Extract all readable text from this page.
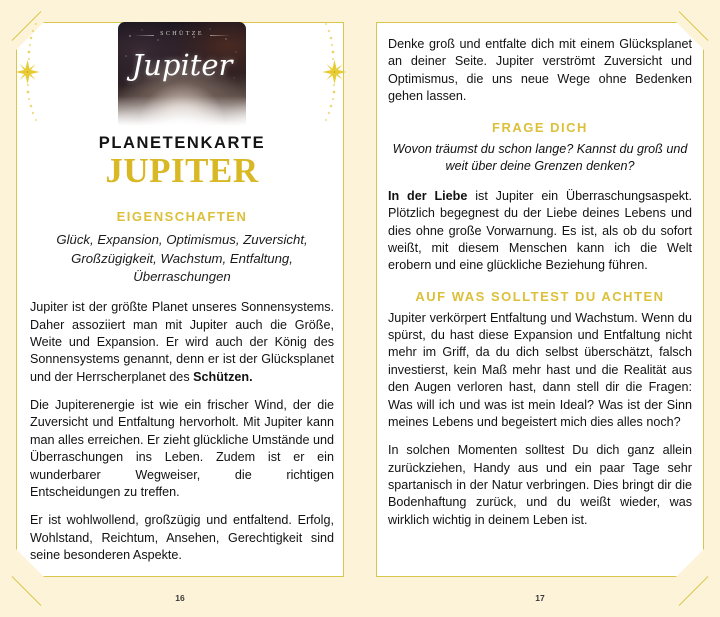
SCHÜTZE
Jupiter
PLANETENKARTE
JUPITER
EIGENSCHAFTEN

Glück, Expansion, Optimismus, Zuversicht, Großzügigkeit, Wachstum, Entfaltung, Überraschungen

Jupiter ist der größte Planet unseres Sonnensystems. Daher assoziiert man mit Jupiter auch die Größe, Weite und Expansion. Er wird auch der König des Sonnensystems genannt, denn er ist der Glücksplanet und der Herrscherplanet des Schützen.

Die Jupiterenergie ist wie ein frischer Wind, der die Zuversicht und Entfaltung hervorholt. Mit Jupiter kann man alles erreichen. Er zieht glückliche Umstände und Überraschungen ins Leben. Zudem ist er ein wunderbarer Wegweiser, die richtigen Entscheidungen zu treffen.

Er ist wohlwollend, großzügig und entfaltend. Erfolg, Wohlstand, Reichtum, Ansehen, Gerechtigkeit sind seine besonderen Aspekte.

16

Denke groß und entfalte dich mit einem Glücksplanet an deiner Seite. Jupiter verströmt Zuversicht und Optimismus, die uns neue Wege ohne Bedenken gehen lassen.

FRAGE DICH

Wovon träumst du schon lange? Kannst du groß und weit über deine Grenzen denken?

In der Liebe ist Jupiter ein Überraschungsaspekt. Plötzlich begegnest du der Liebe deines Lebens und dies ohne große Vorwarnung. Es ist, als ob du sofort weißt, mit diesem Menschen kann ich die Welt erobern und eine glückliche Beziehung führen.

AUF WAS SOLLTEST DU ACHTEN

Jupiter verkörpert Entfaltung und Wachstum. Wenn du spürst, du hast diese Expansion und Entfaltung nicht mehr im Griff, da du dich selbst überschätzt, falsch investierst, kein Maß mehr hast und die Realität aus den Augen verloren hast, dann stell dir die Fragen: Was will ich und was ist mein Ideal? Was ist der Sinn meines Lebens und begeistert mich dies alles noch?

In solchen Momenten solltest Du dich ganz allein zurückziehen, Handy aus und ein paar Tage sehr spartanisch in der Natur verbringen. Dies bringt dir die Bodenhaftung zurück, und du weißt wieder, was wirklich wichtig in deinem Leben ist.

17
